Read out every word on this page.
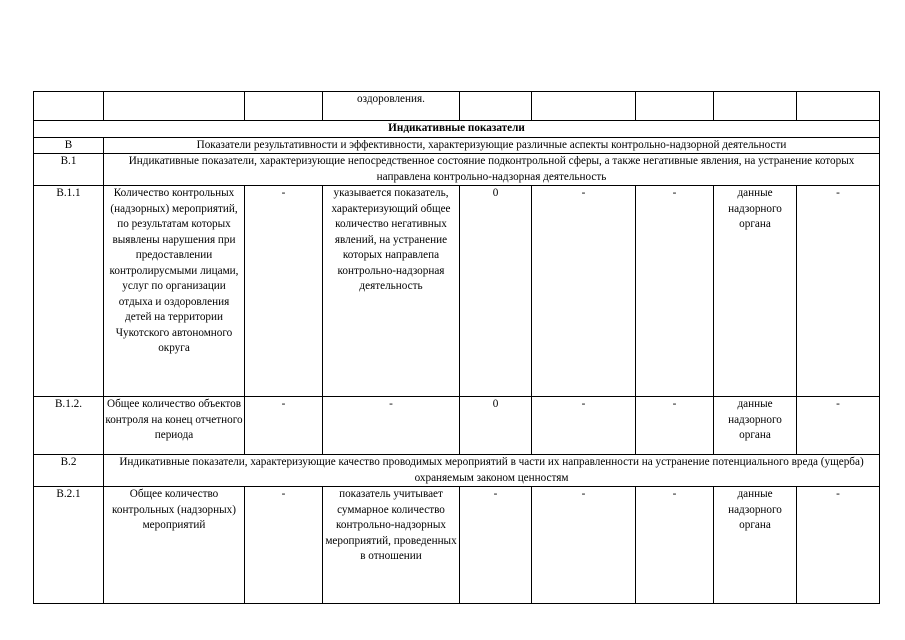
			оздоровления.					
Индикативные показатели								
В	Показатели результативности и эффективности, характеризующие различные аспекты контрольно-надзорной деятельности							
В.1	Индикативные показатели, характеризующие непосредственное состояние подконтрольной сферы, а также негативные явления, на устранение которых направлена контрольно-надзорная деятельность							
В.1.1	Количество контрольных (надзорных) мероприятий, по результатам которых выявлены нарушения при предоставлении контролирусмыми лицами, услуг по организации отдыха и оздоровления детей на территории Чукотского автономного округа	-	указывается показатель, характеризующий общее количество негативных явлений, на устранение которых направлепа контрольно-надзорная деятельность	0	-	-	данные надзорного органа	-
В.1.2.	Общее количество объектов контроля на конец отчетного периода	-	-	0	-	-	данные надзорного органа	-
В.2	Индикативные показатели, характеризующие качество проводимых мероприятий в части их направленности на устранение потенциального вреда (ущерба) охраняемым законом ценностям							
В.2.1	Общее количество контрольных (надзорных) мероприятий	-	показатель учитывает суммарное количество контрольно-надзорных мероприятий, проведенных в отношении	-	-	-	данные надзорного органа	-
